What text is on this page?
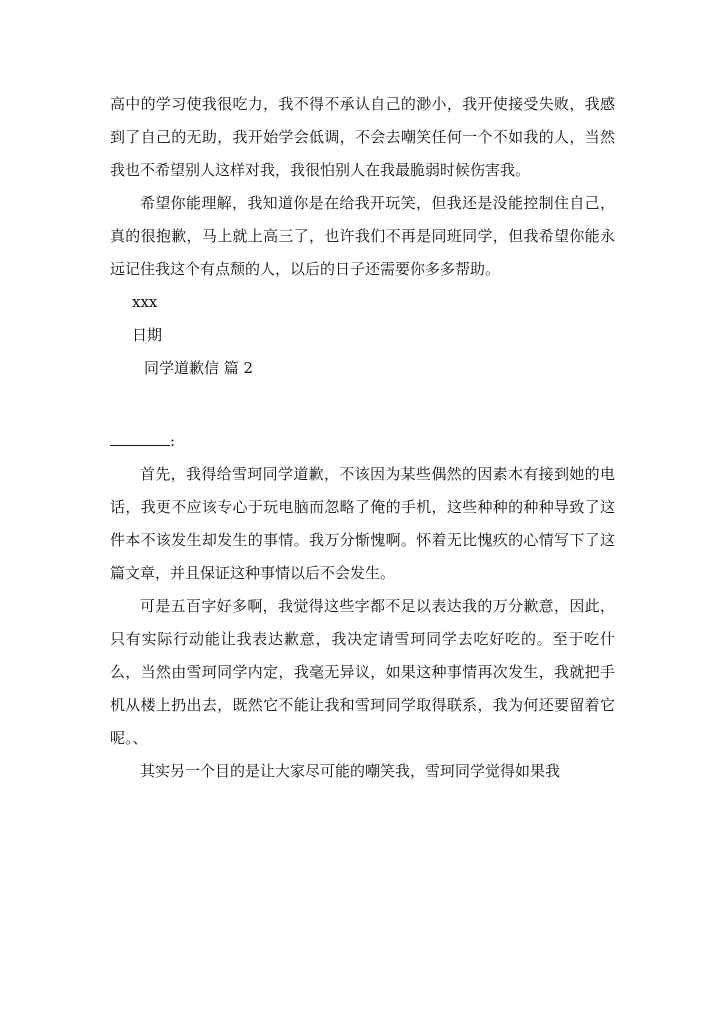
高中的学习使我很吃力，我不得不承认自己的渺小，我开使接受失败，我感到了自己的无助，我开始学会低调，不会去嘲笑任何一个不如我的人，当然我也不希望别人这样对我，我很怕别人在我最脆弱时候伤害我。

希望你能理解，我知道你是在给我开玩笑，但我还是没能控制住自己，真的很抱歉，马上就上高三了，也许我们不再是同班同学，但我希望你能永远记住我这个有点颓的人，以后的日子还需要你多多帮助。

xxx

日期

同学道歉信 篇 2

:

首先，我得给雪珂同学道歉，不该因为某些偶然的因素木有接到她的电话，我更不应该专心于玩电脑而忽略了俺的手机，这些种种的种种导致了这件本不该发生却发生的事情。我万分惭愧啊。怀着无比愧疚的心情写下了这篇文章，并且保证这种事情以后不会发生。

可是五百字好多啊，我觉得这些字都不足以表达我的万分歉意，因此，只有实际行动能让我表达歉意，我决定请雪珂同学去吃好吃的。至于吃什么，当然由雪珂同学内定，我毫无异议，如果这种事情再次发生，我就把手机从楼上扔出去，既然它不能让我和雪珂同学取得联系，我为何还要留着它呢。、

其实另一个目的是让大家尽可能的嘲笑我，雪珂同学觉得如果我
